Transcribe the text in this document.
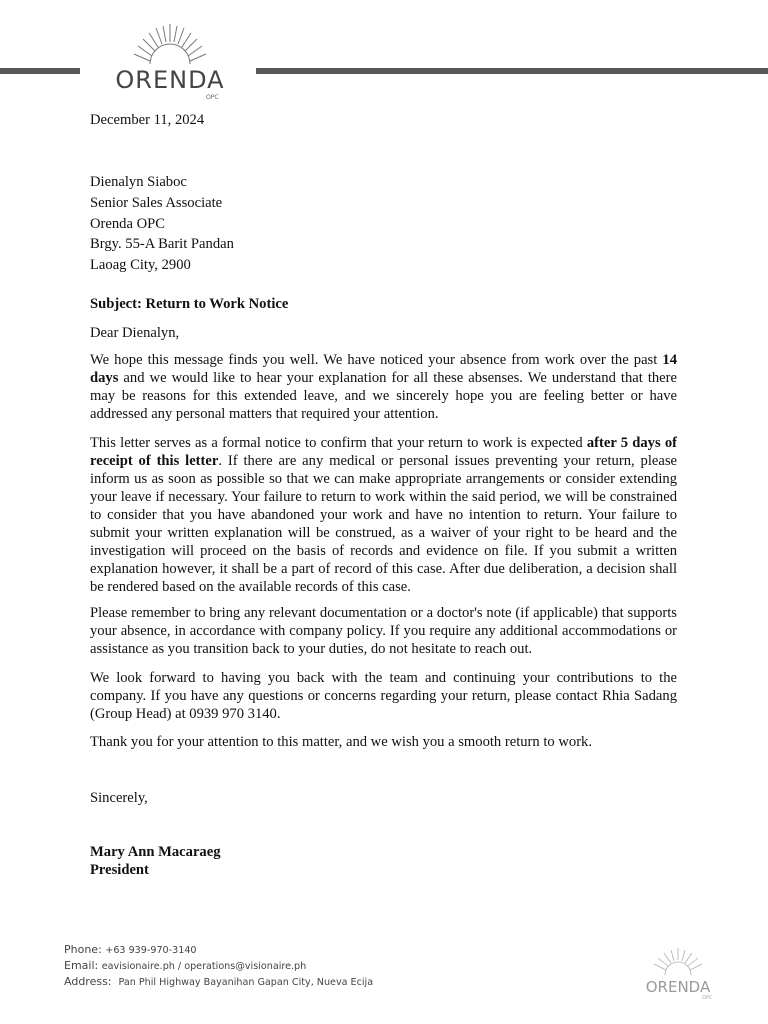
ORENDA
OPC
December 11, 2024
Dienalyn Siaboc
Senior Sales Associate
Orenda OPC
Brgy. 55-A Barit Pandan
Laoag City, 2900
Subject: Return to Work Notice
Dear Dienalyn,

We hope this message finds you well. We have noticed your absence from work over the past 14 days and we would like to hear your explanation for all these absenses. We understand that there may be reasons for this extended leave, and we sincerely hope you are feeling better or have addressed any personal matters that required your attention.

This letter serves as a formal notice to confirm that your return to work is expected after 5 days of receipt of this letter. If there are any medical or personal issues preventing your return, please inform us as soon as possible so that we can make appropriate arrangements or consider extending your leave if necessary. Your failure to return to work within the said period, we will be constrained to consider that you have abandoned your work and have no intention to return. Your failure to submit your written explanation will be construed, as a waiver of your right to be heard and the investigation will proceed on the basis of records and evidence on file. If you submit a written explanation however, it shall be a part of record of this case. After due deliberation, a decision shall be rendered based on the available records of this case.

Please remember to bring any relevant documentation or a doctor's note (if applicable) that supports your absence, in accordance with company policy. If you require any additional accommodations or assistance as you transition back to your duties, do not hesitate to reach out.

We look forward to having you back with the team and continuing your contributions to the company. If you have any questions or concerns regarding your return, please contact Rhia Sadang (Group Head) at 0939 970 3140.

Thank you for your attention to this matter, and we wish you a smooth return to work.

Sincerely,
Mary Ann Macaraeg
President
Phone: +63 939-970-3140
Email: eavisionaire.ph / operations@visionaire.ph
Address: Pan Phil Highway Bayanihan Gapan City, Nueva Ecija	ORENDA
OPC
